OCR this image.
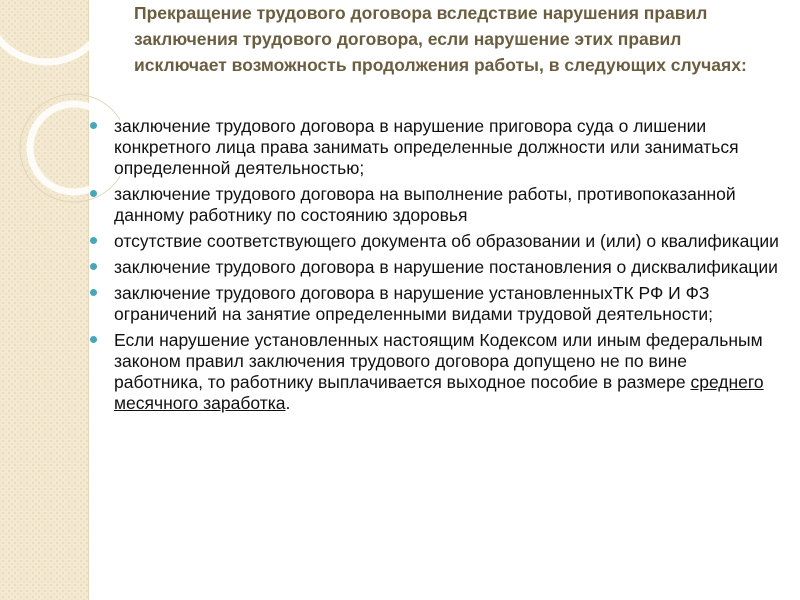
Прекращение трудового договора вследствие нарушения правил заключения трудового договора, если нарушение этих правил исключает возможность продолжения работы, в следующих случаях:
заключение трудового договора в нарушение приговора суда о лишении конкретного лица права занимать определенные должности или заниматься определенной деятельностью;
заключение трудового договора на выполнение работы, противопоказанной данному работнику по состоянию здоровья
отсутствие соответствующего документа об образовании и (или) о квалификации
заключение трудового договора в нарушение постановления о дисквалификации
заключение трудового договора в нарушение установленныхТК РФ И ФЗ ограничений на занятие определенными видами трудовой деятельности;
Если нарушение установленных настоящим Кодексом или иным федеральным законом правил заключения трудового договора допущено не по вине работника, то работнику выплачивается выходное пособие в размере среднего месячного заработка.
